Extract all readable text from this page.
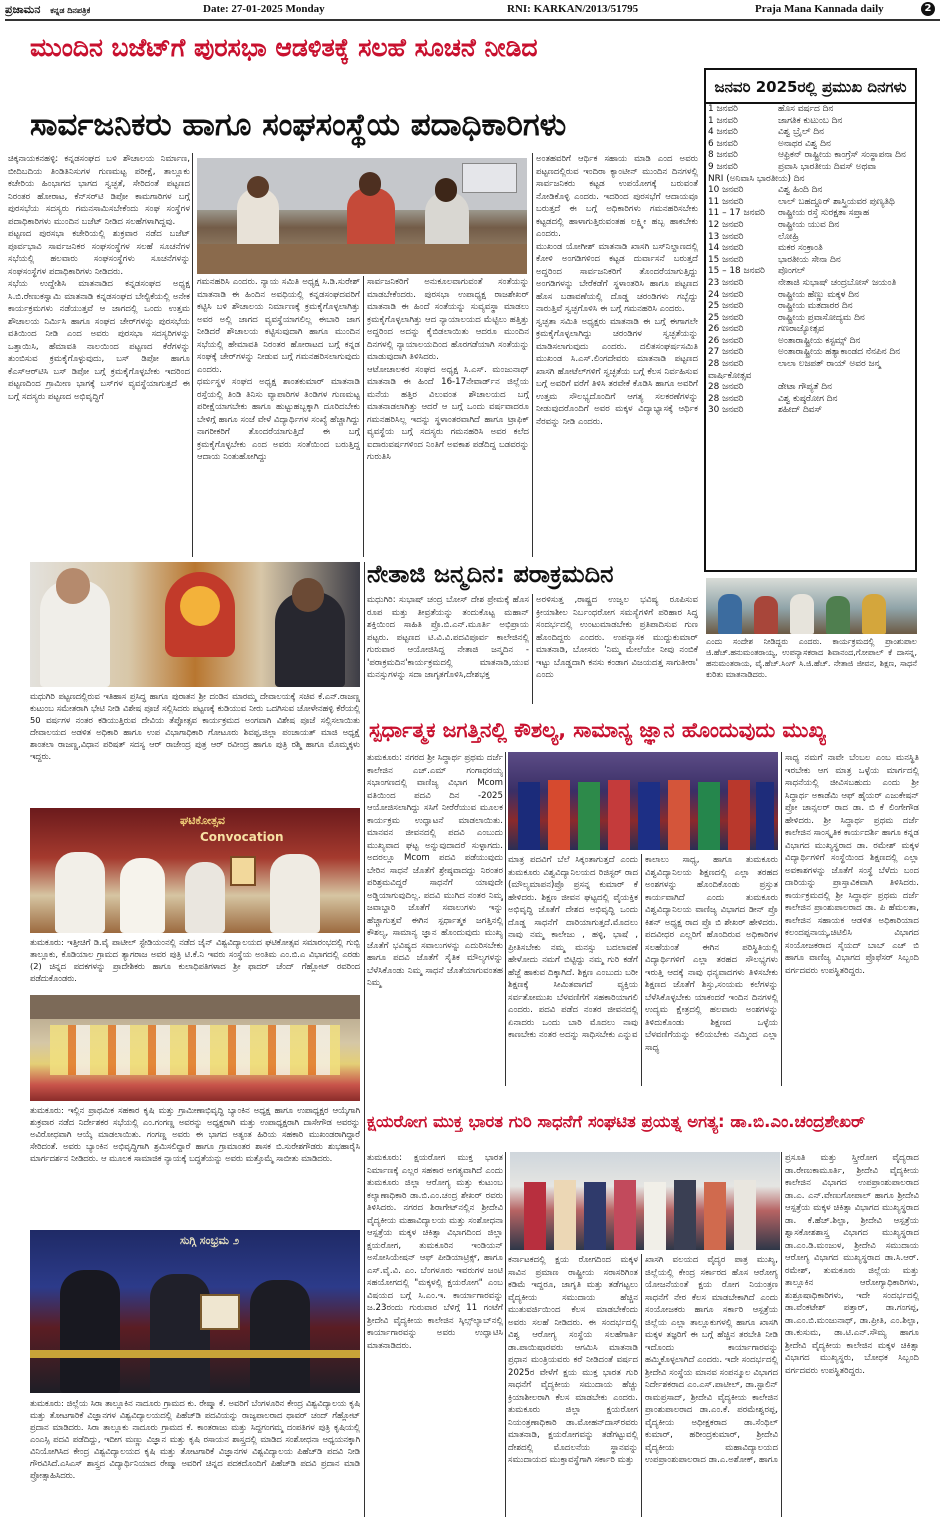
ಪ್ರಜಾಮನ ಕನ್ನಡ ದಿನಪತ್ರಿಕೆ	Date: 27-01-2025 Monday	RNI: KARKAN/2013/51795	Praja Mana Kannada daily	2
ಮುಂದಿನ ಬಜೆಟ್‌ಗೆ ಪುರಸಭಾ ಆಡಳಿತಕ್ಕೆ ಸಲಹೆ ಸೂಚನೆ ನೀಡಿದ
ಸಾರ್ವಜನಿಕರು ಹಾಗೂ ಸಂಘಸಂಸ್ಥೆಯ ಪದಾಧಿಕಾರಿಗಳು

ಚಿಕ್ಕನಾಯಕನಹಳ್ಳಿ: ಕನ್ನಡಸಂಘದ ಬಳಿ ಶೌಚಾಲಯ ನಿರ್ಮಾಣ, ಬೀದಿಬದಿಯ ತಿಂಡಿತಿನಿಸುಗಳ ಗುಣಮಟ್ಟ ಪರೀಕ್ಷೆ, ತಾಲ್ಲೂಕು ಕಚೇರಿಯ ಹಿಂಭಾಗದ ಭಾಗದ ಸ್ವಚ್ಛತೆ, ಸೇರಿದಂತೆ ಪಟ್ಟಣದ ನಿರಂತರ ಹೋರಾಟ, ಕೆನ್‌ಸರ್‌ಟಿ ಡಿಪೋ ಕಾಮಗಾರಿಗಳ ಬಗ್ಗೆ ಪುರಸಭೆಯ ಸದಸ್ಯರು ಗಮನಸಾಮಿಸಬೇಕೆಂದು ಸಂಘ ಸಂಸ್ಥೆಗಳ ಪದಾಧಿಕಾರಿಗಳು ಮುಂದಿನ ಬಜೆಟ್ ನೀಡಿದ ಸಲಹೆಗಳಾಗಿದ್ದವು.

ಪಟ್ಟಣದ ಪುರಸಭಾ ಕಚೇರಿಯಲ್ಲಿ ಶುಕ್ರವಾರ ನಡೆದ ಬಜೆಟ್ ಪೂರ್ವಭಾವಿ ಸಾರ್ವಜನಿಕರ ಸಂಘಸಂಸ್ಥೆಗಳ ಸಲಹೆ ಸೂಚನೆಗಳ ಸಭೆಯಲ್ಲಿ ಹಲವಾರು ಸಂಘಸಂಸ್ಥೆಗಳು ಸೂಚನೆಗಳನ್ನು ಸಂಘಸಂಸ್ಥೆಗಳ ಪದಾಧಿಕಾರಿಗಳು ನೀಡಿದರು.

ಸಭೆಯ ಉದ್ದೇಶಿಸಿ ಮಾತನಾಡಿದ ಕನ್ನಡಸಂಘದ ಅಧ್ಯಕ್ಷ ಸಿ.ಬಿ.ರೇಣುಕಸ್ವಾಮಿ ಮಾತನಾಡಿ ಕನ್ನಡಸಂಘದ ಬೇಲ್ಟಿಕೆಯಲ್ಲಿ ಅನೇಕ ಕಾರ್ಯಕ್ರಮಗಳು ನಡೆಯುತ್ತವೆ ಆ ಜಾಗದಲ್ಲಿ ಒಂದು ಉತ್ತಮ ಶೌಚಾಲಯ ನಿರ್ಮಿಸಿ ಹಾಗೂ ಸಂಘದ ಚೇರ್‌ಗಳನ್ನು ಪುರಸಭೆಯ ವತಿಯಿಂದ ನೀಡಿ ಎಂದ ಅವರು ಪುರಸಭಾ ಸದಸ್ಯರಿಗಳನ್ನು ಒತ್ತಾಯಿಸಿ, ಹೆಮಾವತಿ ನಾಲಯಿಂದ ಪಟ್ಟಣದ ಕೆರೆಗಳನ್ನು ತುಂಬಿಸುವ ಕ್ರಮಕೈಗೊಳ್ಳುವುದು, ಬಸ್ ಡಿಪೋ ಹಾಗೂ ಕೆಎಸ್‌ಆರ್‌ಟಿಸಿ ಬಸ್ ಡಿಪೋ ಬಗ್ಗೆ ಕ್ರಮಕೈಗೊಳ್ಳಬೇಕು ಇದರಿಂದ ಪಟ್ಟಣದಿಂದ ಗ್ರಾಮೀಣ ಭಾಗಕ್ಕೆ ಬಸ್‌ಗಳ ವ್ಯವಸ್ಥೆಯಾಗುತ್ತದೆ ಈ ಬಗ್ಗೆ ಸದಸ್ಯರು ಪಟ್ಟಣದ ಅಭಿವೃದ್ಧಿಗೆ

ಗಮನಹರಿಸಿ ಎಂದರು. ನ್ಯಾಯ ಸಮಿತಿ ಅಧ್ಯಕ್ಷ ಸಿ.ಡಿ.ಸುರೇಶ್ ಮಾತನಾಡಿ ಈ ಹಿಂದಿನ ಅವಧಿಯಲ್ಲಿ ಕನ್ನಡಸಂಘದವರಿಗೆ ಕಟ್ಟಿಸಿ ಬಳಿ ಶೌಚಾಲಯ ನಿರ್ಮಾಣಕ್ಕೆ ಕ್ರಮಕೈಗೊಳ್ಳಲಾಗಿತ್ತು ಅವರ ಅಲ್ಲಿ ಜಾಗದ ವ್ಯವಸ್ಥೆಯಾಗಲಿಲ್ಲ ಈಬಾರಿ ಜಾಗ ನೀಡಿದರೆ ಶೌಚಾಲಯ ಕಟ್ಟಿಸುವುದಾಗಿ ಹಾಗೂ ಮುಂದಿನ ಸಭೆಯಲ್ಲಿ ಹೇಮಾವತಿ ನಿರಂತರ ಹೋರಾಟದ ಬಗ್ಗೆ ಕನ್ನಡ ಸಂಘಕ್ಕೆ ಚೇರ್‌ಗಳನ್ನು ನೀಡುವ ಬಗ್ಗೆ ಗಮನಹರಿಸಲಾಗುವುದು ಎಂದರು.

ಧರ್ಮಸ್ಥಳ ಸಂಘದ ಅಧ್ಯಕ್ಷ ಶಾಂತಕುಮಾರ್ ಮಾತನಾಡಿ ರಸ್ತೆಯಲ್ಲಿ ತಿಂಡಿ ತಿನಿಸು ವ್ಯಾಪಾರಿಗಳ ತಿಂಡಿಗಳ ಗುಣಮಟ್ಟ ಪರೀಕ್ಷೆಯಾಗಬೇಕು ಹಾಗೂ ಹುಟ್ಟುಹಬ್ಬಕ್ಕಾಗಿ ದೂರಿದಬೇಕು ಬೇಳಿಗ್ಗೆ ಹಾಗೂ ಸಂಜೆ ವೇಳೆ ವಿದ್ಯಾರ್ಥಿಗಳ ಸಂಖ್ಯೆ ಹೆಚ್ಚಾಗಿದ್ದು ನಾಗರೀಕರಿಗೆ ತೊಂದರೆಯಾಗುತ್ತಿದೆ ಈ ಬಗ್ಗೆ ಕ್ರಮಕೈಗೊಳ್ಳಬೇಕು ಎಂದ ಅವರು ಸಂತೆಯಿಂದ ಬರುತ್ತಿದ್ದ ಆದಾಯ ನಿಂತುಹೋಗಿದ್ದು

ಸಾರ್ವಜನಿಕರಿಗೆ ಅನುಕೂಲವಾಗುವಂತೆ ಸಂತೆಯನ್ನು ಮಾಡಬೇಕೆಂದರು. ಪುರಸಭಾ ಉಪಾಧ್ಯಕ್ಷ ರಾಜಶೇಖರ್ ಮಾತನಾಡಿ ಈ ಹಿಂದೆ ಸಂತೆಯನ್ನು ಸುವ್ಯವಸ್ಥಾ ಮಾಡಲು ಕ್ರಮಕೈಗೊಳ್ಳಲಾಗಿತ್ತು ಆದ ನ್ಯಾಯಾಲಯದ ಮೆಟ್ಟಿಲು ಹತ್ತಿತ್ತು ಅದ್ದರಿಂದ ಅದನ್ನು ಕೈಬಿಡಲಾಯಿತು ಆದರೂ ಮುಂದಿನ ದಿನಗಳಲ್ಲಿ ನ್ಯಾಯಾಲಯದಿಂದ ಹೊರಗಡೆಯಾಗಿ ಸಂತೆಯನ್ನು ಮಾಡುವುದಾಗಿ ತಿಳಿಸಿದರು.

ಆಟೋಚಾಲಕರ ಸಂಘದ ಅಧ್ಯಕ್ಷ ಸಿ.ಎಸ್. ಮಂಜುನಾಥ್ ಮಾತನಾಡಿ ಈ ಹಿಂದೆ 16-17ನೇವಾರ್ಡ್‌ನ ಜಿಲ್ಲೆಯ ಮನೆಯ ಹತ್ತಿರ ವಿಲುವಂತ ಶೌಚಾಲಯದ ಬಗ್ಗೆ ಮಾತನಾಡಲಾಗಿತ್ತು ಆದರೆ ಆ ಬಗ್ಗೆ ಒಂದು ವರ್ಷವಾದರೂ ಗಮನಹರಿಸಿಲ್ಲ ಇದನ್ನು ಸ್ಥಳಾಂತರವಾಗಿದೆ ಹಾಗೂ ಟ್ರಾಫಿಕ್ ವ್ಯವಸ್ಥೆಯ ಬಗ್ಗೆ ಸದಸ್ಯರು ಗಮನಹರಿಸಿ ಅವರ ಕಲೆದ ಐದಾರುವರ್ಷಗಳಿಂದ ನಿಂತಿಗೆ ಅವಕಾಶ ಪಡೆದಿದ್ದ ಬಡವರನ್ನು ಗುರುತಿಸಿ

ಅಂತಹವರಿಗೆ ಆರ್ಥಿಕ ಸಹಾಯ ಮಾಡಿ ಎಂದ ಅವರು ಪಟ್ಟಣದಲ್ಲಿರುವ ಇಂದಿರಾ ಕ್ಯಾಂಟೀನ್ ಮುಂದಿನ ದಿನಗಳಲ್ಲಿ ಸಾರ್ವಜನಿಕರು ಕಟ್ಟಡ ಉಪಯೋಗಕ್ಕೆ ಬರುವಂತೆ ನೋಡಿಕೊಳ್ಳಿ ಎಂದರು. ಇದರಿಂದ ಪುರಸಭೆಗೆ ಆದಾಯವೂ ಬರುತ್ತದೆ ಈ ಬಗ್ಗೆ ಅಧಿಕಾರಿಗಳು ಗಮನಹರಿಸಬೇಕು ಕಟ್ಟಡದಲ್ಲಿ ಹಾಳಾಗುತ್ತಿರುವಂತಹ ಲಕ್ಷ್ಮೀ ಹಬ್ಬ ಹಾಕಬೇಕು ಎಂದರು.

ಮುಖಂಡ ಯೋಗೀಶ್ ಮಾತನಾಡಿ ಖಾಸಗಿ ಬಸ್‌ನಿಲ್ದಾಣದಲ್ಲಿ ಕೋಳಿ ಅಂಗಡಿಗಳಿಂದ ಕಟ್ಟಡ ದುರ್ವಾಸನೆ ಬರುತ್ತದೆ ಅದ್ದರಿಂದ ಸಾರ್ವಜನಿಕರಿಗೆ ತೊಂದರೆಯಾಗುತ್ತಿದ್ದು ಅಂಗಡಿಗಳನ್ನು ಬೇರೆಕಡೆಗೆ ಸ್ಥಳಾಂತರಿಸಿ ಹಾಗೂ ಪಟ್ಟಣದ ಹೊಸ ಬಡಾವಣೆಯಲ್ಲಿ ದೊಡ್ಡ ಚರಂಡಿಗಳು ಗಬ್ಬೆದ್ದು ನಾರುತ್ತಿವೆ ಸ್ವಚ್ಛಗೊಳಿಸಿ ಈ ಬಗ್ಗೆ ಗಮನಹರಿಸಿ ಎಂದರು.

ಸ್ವಚ್ಛತಾ ಸಮಿತಿ ಅಧ್ಯಕ್ಷರು ಮಾತನಾಡಿ ಈ ಬಗ್ಗೆ ಈಗಾಗಲೇ ಕ್ರಮಕೈಗೊಳ್ಳಲಾಗಿದ್ದು ಚರಂಡಿಗಳ ಸ್ವಚ್ಛತೆಯನ್ನು ಮಾಡಿಸಲಾಗುವುದು ಎಂದರು. ದಲಿತಸಂಘರ್ಷಸಮಿತಿ ಮುಖಂಡ ಸಿ.ಎಸ್.ಲಿಂಗದೇವರು ಮಾತನಾಡಿ ಪಟ್ಟಣದ ಖಾಸಗಿ ಹೋಟೆಲ್‌ಗಳಿಗೆ ಸ್ವಚ್ಛತೆಯ ಬಗ್ಗೆ ಕೆಲಸ ನಿರ್ವಹಿಸುವ ಬಗ್ಗೆ ಅವರಿಗೆ ವರೆಗೆ ತಿಳಿಸಿ ತರವೇಕೆ ಕೊಡಿಸಿ ಹಾಗೂ ಅವರಿಗೆ ಉತ್ತಮ ಸೌಲಭ್ಯದೊಂದಿಗೆ ಆಗತ್ಯ ಸಲಕರಣೆಗಳನ್ನು ನೀಡುವುದರೊಂದಿಗೆ ಅವರ ಮಕ್ಕಳ ವಿದ್ಯಾಭ್ಯಾಸಕ್ಕೆ ಆರ್ಥಿಕ ನೆರವನ್ನು ನೀಡಿ ಎಂದರು.

ಜನವರಿ 2025ರಲ್ಲಿ ಪ್ರಮುಖ ದಿನಗಳು
1 ಜನವರಿ	ಹೊಸ ವರ್ಷದ ದಿನ
1 ಜನವರಿ	ಜಾಗತಿಕ ಕುಟುಂಬ ದಿನ
4 ಜನವರಿ	ವಿಶ್ವ ಬ್ರೈಲ್ ದಿನ
6 ಜನವರಿ	ಅನಾಥರ ವಿಶ್ವ ದಿನ
8 ಜನವರಿ	ಆಫ್ರಿಕನ್ ರಾಷ್ಟ್ರೀಯ ಕಾಂಗ್ರೆಸ್ ಸಂಸ್ಥಾಪನಾ ದಿನ
9 ಜನವರಿ	ಪ್ರವಾಸಿ ಭಾರತೀಯ ದಿವಸ್ ಅಥವಾ
NRI (ಅನಿವಾಸಿ ಭಾರತೀಯ) ದಿನ	
10 ಜನವರಿ	ವಿಶ್ವ ಹಿಂದಿ ದಿನ
11 ಜನವರಿ	ಲಾಲ್ ಬಹದ್ದೂರ್ ಶಾಸ್ತ್ರಿಯವರ ಪುಣ್ಯತಿಥಿ
11 – 17 ಜನವರಿ	ರಾಷ್ಟ್ರೀಯ ರಸ್ತೆ ಸುರಕ್ಷತಾ ಸಪ್ತಾಹ
12 ಜನವರಿ	ರಾಷ್ಟ್ರೀಯ ಯುವ ದಿನ
13 ಜನವರಿ	ಲೋಹ್ರಿ
14 ಜನವರಿ	ಮಕರ ಸಂಕ್ರಾಂತಿ
15 ಜನವರಿ	ಭಾರತೀಯ ಸೇನಾ ದಿನ
15 – 18 ಜನವರಿ	ಪೊಂಗಲ್
23 ಜನವರಿ	ನೇತಾಜಿ ಸುಭಾಷ್ ಚಂದ್ರಬೋಸ್ ಜಯಂತಿ
24 ಜನವರಿ	ರಾಷ್ಟ್ರೀಯ ಹೆಣ್ಣು ಮಕ್ಕಳ ದಿನ
25 ಜನವರಿ	ರಾಷ್ಟ್ರೀಯ ಮತದಾರರ ದಿನ
25 ಜನವರಿ	ರಾಷ್ಟ್ರೀಯ ಪ್ರವಾಸೋದ್ಯಮ ದಿನ
26 ಜನವರಿ	ಗಣರಾಜ್ಯೋತ್ಸವ
26 ಜನವರಿ	ಅಂತಾರಾಷ್ಟ್ರೀಯ ಕಸ್ಟಮ್ಸ್ ದಿನ
27 ಜನವರಿ	ಅಂತಾರಾಷ್ಟ್ರೀಯ ಹತ್ಯಾಕಾಂಡದ ನೆನಪಿನ ದಿನ
28 ಜನವರಿ	ಲಾಲಾ ಲಜಪತ್ ರಾಯ್ ಅವರ ಜನ್ಮ
ವಾರ್ಷಿಕೋತ್ಸವ	
28 ಜನವರಿ	ಡೇಟಾ ಗೌಪ್ಯತೆ ದಿನ
28 ಜನವರಿ	ವಿಶ್ವ ಕುಷ್ಠರೋಗ ದಿನ
30 ಜನವರಿ	ಶಹೀದ್ ದಿವಸ್
ಮಧುಗಿರಿ ಪಟ್ಟಣದಲ್ಲಿರುವ ಇತಿಹಾಸ ಪ್ರಸಿದ್ಧ ಹಾಗೂ ಪುರಾತನ ಶ್ರೀ ದಂಡಿನ ಮಾರಮ್ಮ ದೇವಾಲಯಕ್ಕೆ ಸಚಿವ ಕೆ.ಎನ್.ರಾಜಣ್ಣ ಕುಟುಂಬ ಸಮೇತರಾಗಿ ಭೇಟಿ ನೀಡಿ ವಿಶೇಷ ಪೂಜೆ ಸಲ್ಲಿಸಿದರು ಪಟ್ಟಣಕ್ಕೆ ಕುಡಿಯುವ ನೀರು ಒದಗಿಸುವ ಚೋಳೇನಹಳ್ಳಿ ಕೆರೆಯಲ್ಲಿ 50 ವರ್ಷಗಳ ನಂತರ ಕಡಿಯುತ್ತಿರುವ ದೇವಿಯ ತೆಪ್ಪೋತ್ಸವ ಕಾರ್ಯಕ್ರಮದ ಅಂಗವಾಗಿ ವಿಶೇಷ ಪೂಜೆ ಸಲ್ಲಿಸಲಾಯಿತು ದೇವಾಲಯದ ಅಡಳಿತ ಅಧಿಕಾರಿ ಹಾಗೂ ಉಪ ವಿಭಾಗಾಧಿಕಾರಿ ಗೋಟೂರು ಶಿವಪ್ಪ,ಜಿಲ್ಲಾ ಪಂಚಾಯತ್ ಮಾಜಿ ಅಧ್ಯಕ್ಷೆ ಶಾಂತಲಾ ರಾಜಣ್ಣ,ವಿಧಾನ ಪರಿಷತ್ ಸದಸ್ಯ ಆರ್ ರಾಜೇಂದ್ರ ಪುತ್ರ ಆರ್ ರವೀಂದ್ರ ಹಾಗೂ ಪುತ್ರಿ ರಶ್ಮಿ ಹಾಗೂ ಮೊಮ್ಮಕ್ಕಳು ಇದ್ದರು.
ಘಟಿಕೋತ್ಸವ
Convocation
ತುಮಕೂರು: ಇತ್ತೀಚಿಗೆ ಡಿ.ವೈ ಪಾಟೀಲ್ ಸ್ಟೇಡಿಯಂನಲ್ಲಿ ನಡೆದ ಜೈನ್ ವಿಶ್ವವಿದ್ಯಾಲಯದ ಘಟಿಕೋತ್ಸವ ಸಮಾರಂಭದಲ್ಲಿ ಗುಬ್ಬಿ ತಾಲ್ಲೂಕು, ಕೊಡಿಯಾಲ ಗ್ರಾಮದ ತ್ಯಾಗರಾಜ ಅವರ ಪುತ್ರಿ ಟಿ.ಕೆ.ನಿ ಇವರು ಸಂಸ್ಥೆಯ ಅಂತಿಮ ಎಂ.ಬಿ.ಎ ವಿಭಾಗದಲ್ಲಿ ಎರಡು (2) ಚಿನ್ನದ ಪದಕಗಳನ್ನು ಪ್ರಾದೇಶಿಕರು ಹಾಗೂ ಕುಲಾಧಿಪತಿಗಳಾದ ಶ್ರೀ ಫಾದರ್ ಚೆಂದ್ ಗೆಹ್ಲೋಟ್ ರವರಿಂದ ಪಡೆದುಕೊಂಡರು.
ತುಮಕೂರು: ಇಲ್ಲಿನ ಪ್ರಾಥಮಿಕ ಸಹಕಾರ ಕೃಷಿ ಮತ್ತು ಗ್ರಾಮೀಣಾಭಿವೃದ್ಧಿ ಬ್ಯಾಂಕಿನ ಅಧ್ಯಕ್ಷ ಹಾಗೂ ಉಪಾಧ್ಯಕ್ಷರ ಆಯ್ಕೆಗಾಗಿ ಶುಕ್ರವಾರ ನಡೆದ ನಿರ್ದೇಶಕರ ಸಭೆಯಲ್ಲಿ ಎಂ.ಗಂಗಣ್ಣ ಅವರನ್ನು ಅಧ್ಯಕ್ಷರಾಗಿ ಮತ್ತು ಉಪಾಧ್ಯಕ್ಷರಾಗಿ ದಾಸೇಗೌಡ ಅವರನ್ನು ಅವಿರೋಧವಾಗಿ ಆಯ್ಕೆ ಮಾಡಲಾಯಿತು. ಗಂಗಣ್ಣ ಅವರು ಈ ಭಾಗದ ಅತ್ಯಂತ ಹಿರಿಯ ಸಹಕಾರಿ ಮುಖಂಡರಾಗಿದ್ದಾರೆ ಸೇರಿದಂತೆ. ಅವರು ಬ್ಯಾಂಕಿನ ಅಭಿವೃದ್ಧಿಗಾಗಿ ಶ್ರಮಿಸಲಿದ್ದಾರೆ ಹಾಗೂ ಗ್ರಾಮಾಂತರ ಶಾಸಕ ಬಿ.ಸುರೇಶಗೌಡರು ಶುಭಹಾರೈಸಿ ಮಾರ್ಗದರ್ಶನ ನೀಡಿದರು. ಆ ಮೂಲಕ ಸಾಮಾಜಿಕ ನ್ಯಾಯಕ್ಕೆ ಬದ್ಧತೆಯನ್ನು ಅವರು ಮತ್ತೊಮ್ಮೆ ಸಾಬೀತು ಮಾಡಿದರು.
ಸುಗ್ಗಿ ಸಂಭ್ರಮ ೨
ತುಮಕೂರು: ಜಿಲ್ಲೆಯ ಸಿರಾ ತಾಲ್ಲೂಕಿನ ನಾದೂರು ಗ್ರಾಮದ ಕು. ರೇಷ್ಮಾ ಕೆ. ಅವರಿಗೆ ಬೆಂಗಳೂರಿನ ಕೇಂದ್ರ ವಿಶ್ವವಿದ್ಯಾಲಯ ಕೃಷಿ ಮತ್ತು ತೋಟಗಾರಿಕೆ ವಿಜ್ಞಾನಗಳ ವಿಶ್ವವಿದ್ಯಾಲಯದಲ್ಲಿ ಪಿಹೆಚ್‌ಡಿ ಪದವಿಯನ್ನು ರಾಜ್ಯಪಾಲರಾದ ಥಾವರ್ ಚಂದ್ ಗೆಹ್ಲೋಟ್ ಪ್ರದಾನ ಮಾಡಿದರು. ಸಿರಾ ತಾಲ್ಲೂಕು ನಾದೂರು ಗ್ರಾಮದ ಕೆ. ಕಾಂತರಾಜು ಮತ್ತು ಸಿದ್ದಗಂಗಮ್ಮ ದಂಪತಿಗಳ ಪುತ್ರಿ ಕೃಷಿಯಲ್ಲಿ ಎಂಎಸ್ಸಿ ಪದವಿ ಪಡೆದಿದ್ದು, ಇದೀಗ ಮಣ್ಣು ವಿಜ್ಞಾನ ಮತ್ತು ಕೃಷಿ ರಸಾಯನ ಶಾಸ್ತ್ರದಲ್ಲಿ ಮಾಡಿದ ಸಂಶೋಧನಾ ಅಧ್ಯಯನಕ್ಕಾಗಿ ವಿನಿಯೋಗಿಸಿದ ಕೇಂದ್ರ ವಿಶ್ವವಿದ್ಯಾಲಯದ ಕೃಷಿ ಮತ್ತು ತೋಟಗಾರಿಕೆ ವಿಜ್ಞಾನಗಳ ವಿಶ್ವವಿದ್ಯಾಲಯ ಪಿಹೆಚ್‌ಡಿ ಪದವಿ ನೀಡಿ ಗೌರವಿಸಿದೆ.ಎಸಿಎಸ್ ಶಾಸ್ತ್ರದ ವಿದ್ಯಾರ್ಥಿನಿಯಾದ ರೇಷ್ಮಾ ಅವರಿಗೆ ಚಿನ್ನದ ಪದಕದೊಂದಿಗೆ ಪಿಹೆಚ್‌ಡಿ ಪದವಿ ಪ್ರದಾನ ಮಾಡಿ ಪ್ರೋತ್ಸಾಹಿಸಿದರು.
ನೇತಾಜಿ ಜನ್ಮದಿನ: ಪರಾಕ್ರಮದಿನ
ಮಧುಗಿರಿ: ಸುಭಾಷ್ ಚಂದ್ರ ಬೋಸ್ ದೇಶ ಪ್ರೇಮಕ್ಕೆ ಹೊಸ ರೂಪ ಮತ್ತು ತೀವ್ರತೆಯನ್ನು ತಂದುಕೊಟ್ಟ ಮಹಾನ್ ಶಕ್ತಿಯಿಂದ ಸಾಹಿತಿ ಪ್ರೊ.ಬಿ.ಎನ್.ಮೂರ್ತಿ ಅಭಿಪ್ರಾಯ ಪಟ್ಟರು. ಪಟ್ಟಣದ ಟಿ.ವಿ.ವಿ.ಪದವಿಪೂರ್ವ ಕಾಲೇಜಿನಲ್ಲಿ ಗುರುವಾರ ಆಯೋಜಿಸಿದ್ದ ನೇತಾಜಿ ಜನ್ಮದಿನ - 'ಪರಾಕ್ರಮದಿನ'ಕಾರ್ಯಕ್ರಮದಲ್ಲಿ ಮಾತನಾಡಿ,ಯುವ ಮನಸ್ಸುಗಳನ್ನು ಸದಾ ಜಾಗೃತಗೊಳಿಸಿ,ದೇಶಭಕ್ತ
ಅರಳಿಸುತ್ತ ,ರಾಷ್ಟ್ರದ ಉಜ್ವಲ ಭವಿಷ್ಯ ರೂಪಿಸುವ ಕ್ರೀಯಾಶೀಲ ನಿರ್ಬಂಧರೋಗ ಸಮಸ್ಯೆಗಳಿಗೆ ಪರಿಹಾರ ಸಿದ್ಧ ಸಂದರ್ಭದಲ್ಲಿ ಉಂಟುಮಾಡಬೇಕು ಪ್ರತಿಪಾದಿಸುವ ಗುಣ ಹೊಂದಿದ್ದರು ಎಂದರು. ಉಪನ್ಯಾಸಕ ಮುದ್ದುಕುಮಾರ್ ಮಾತನಾಡಿ, ಬೋಸರು 'ನಿಮ್ಮ ಮೇಲೆಯೇ ನೀವು ನಂಬಿಕೆ ಇಟ್ಟು ಬೊಡ್ಡದಾಗಿ ಕನಸು ಕಂಡಾಗ ವಿಜಯದತ್ತ ಸಾಗುತೀರಾ' ಎಂದು
ಎಂದು ಸಂದೇಶ ನೀಡಿದ್ದರು ಎಂದರು. ಕಾರ್ಯಕ್ರಮದಲ್ಲಿ ಪ್ರಾಂಶುಪಾಲ ಜಿ.ಹೆಚ್.ಹನುಮಂತರಾಯ್ಯ, ಉಪನ್ಯಾಸಕರಾದ ಶಿವಾನಂದ,ಗೋಪಾಲ್ ಕೆ ದಾಸನ್ನ, ಹನುಮಂತರಾಯ, ವೈ.ಹೆಚ್.ಸಿಂಗ್ ಸಿ.ಜಿ.ಹೆಚ್. ನೇತಾಜಿ ಜೀವನ, ಶಿಕ್ಷಣ, ಸಾಧನೆ ಕುರಿತು ಮಾತನಾಡಿದರು.
ಸ್ಪರ್ಧಾತ್ಮಕ ಜಗತ್ತಿನಲ್ಲಿ ಕೌಶಲ್ಯ, ಸಾಮಾನ್ಯ ಜ್ಞಾನ ಹೊಂದುವುದು ಮುಖ್ಯ
ತುಮಕೂರು: ನಗರದ ಶ್ರೀ ಸಿದ್ಧಾರ್ಥ ಪ್ರಥಮ ದರ್ಜೆ ಕಾಲೇಜಿನ ಎಚ್.ಎಮ್ ಗಂಗಾಧರಯ್ಯ ಸಭಾಂಗಣದಲ್ಲಿ ವಾಣಿಜ್ಯ ವಿಭಾಗ Mcom ವತಿಯಿಂದ ಪದವಿ ದಿನ -2025 ಆಯೋಜಿಸಲಾಗಿದ್ದು ಸಸಿಗೆ ನೀರೆರೆಯುವ ಮೂಲಕ ಕಾರ್ಯಕ್ರಮ ಉದ್ಘಾಟನೆ ಮಾಡಲಾಯಿತು. ಮಾನವನ ಜೀವನದಲ್ಲಿ ಪದವಿ ಎಂಬುದು ಮುಖ್ಯವಾದ ಘಟ್ಟ ಅನ್ನುವುದಾದರೆ ಸುಳ್ಳಾಗದು. ಅದರಲ್ಲೂ Mcom ಪದವಿ ಪಡೆಯುವುದು ಬೇರಿನ ಸಾಧನೆ ಜೊತೆಗೆ ಶ್ರೇಷ್ಠವಾದದ್ದು ನಿರಂತರ ಪರಿಶ್ರಮವಿದ್ದರೆ ಸಾಧನೆಗೆ ಯಾವುದೇ ಅಡ್ಡಿಯಾಗುವುದಿಲ್ಲ. ಪದವಿ ಮುಗಿದ ನಂತರ ನಿಮ್ಮ ಜವಾಬ್ದಾರಿ ಜೊತೆಗೆ ಸವಾಲುಗಳು ಇನ್ನು ಹೆಚ್ಚಾಗುತ್ತವೆ ಈಗಿನ ಸ್ಪರ್ಧಾತ್ಮಕ ಜಗತ್ತಿನಲ್ಲಿ ಕೌಶಲ್ಯ, ಸಾಮಾನ್ಯ ಜ್ಞಾನ ಹೊಂದುವುದು ಮುಖ್ಯ ಜೊತೆಗೆ ಭವಿಷ್ಯದ ಸವಾಲುಗಳನ್ನು ಎದುರಿಸಬೇಕು ಹಾಗೂ ಪದವಿ ಜೊತೆಗೆ ಸೈತಿಕ ಮೌಲ್ಯಗಳನ್ನು ಬೆಳೆಸಿಕೊಂಡು ನಿಮ್ಮ ಸಾಧನೆ ಜೊತೆಯಾಗುವಂತಹ ನಿಮ್ಮ
ಮಾತ್ರ ಪದವಿಗೆ ಬೆಲೆ ಸಿಕ್ಕಂತಾಗುತ್ತದೆ ಎಂದು ತುಮಕೂರು ವಿಶ್ವವಿದ್ಯಾನಿಲಯದ ರಿಜಿಸ್ಟರ್ ರಾದ (ಮೌಲ್ಯಮಾಪನ)ಪ್ರೊ ಪ್ರಸನ್ನ ಕುಮಾರ್ ಕೆ ಹೇಳಿದರು. ಶಿಕ್ಷಣ ಜೀವನ ಘಟ್ಟದಲ್ಲಿ ವೈಯಕ್ತಿಕ ಅಭಿವೃದ್ಧಿ ಜೊತೆಗೆ ದೇಶದ ಅಭಿವೃದ್ಧಿ ಒಂದು ದೊಡ್ಡ ಸಾಧನೆಗೆ ದಾರಿಯಾಗುತ್ತದೆ.ಮೊದಲು ನಾವು ನಮ್ಮ ಕಾಲೇಜು , ಹಳ್ಳಿ, ಭಾಷೆ , ಪ್ರೀತಿಸಬೇಕು ನಮ್ಮ ಮನಸ್ಸು ಬದಲಾವಣೆ ಹೇಳೋದು ನಮಗೆ ಬಿಟ್ಟಿದ್ದು ನಮ್ಮ ಗುರಿ ಕಡೆಗೆ ಹೆಜ್ಜೆ ಹಾಕುವ ದಿಕ್ಕಾಗಿದೆ. ಶಿಕ್ಷಣ ಎಂಬುದು ಬರೀ ಶಿಕ್ಷಣಕ್ಕೆ ಸೀಮಿತವಾಗದೆ ವ್ಯಕ್ತಿಯ ಸರ್ವತೋಮುಖ ಬೆಳವಣಿಗೆಗೆ ಸಹಕಾರಿಯಾಗಲಿ ಎಂದರು. ಪದವಿ ಪಡೆದ ನಂತರ ಜೀವನದಲ್ಲಿ ಏನಾದರು ಒಂದು ಬಾರಿ ಮೊದಲು ನಾವು ಕಾಣಬೇಕು ನಂತರ ಅದನ್ನು ಸಾಧಿಸಬೇಕು ಎನ್ನುವ
ಕಾಲಾಲು ಸಾಧ್ಯ, ಹಾಗೂ ತುಮಕೂರು ವಿಶ್ವವಿದ್ಯಾನಿಲಯ ಶಿಕ್ಷಣದಲ್ಲಿ ಎಲ್ಲಾ ತರಹದ ಅಂಶಗಳನ್ನು ಹೊಂದಿಕೊಂಡು ಪ್ರಸ್ತುತ ಕಾರ್ಯವಾಗಿದೆ ಎಂದು ತುಮಕೂರು ವಿಶ್ವವಿದ್ಯಾನಿಲಯ ವಾಣಿಜ್ಯ ವಿಭಾಗದ ಡೀನ್ ಪ್ರೊ ಕಿಶನ್ ಅಧ್ಯಕ್ಷ ರಾದ ಪ್ರೊ ಬಿ ಶೇಖರ್ ಹೇಳಿದರು. ಪದವೀಧರ ಎಲ್ಲರಿಗೆ ಹೊಂದಿರುವ ಅಧಿಕಾರಿಗಳ ಸಲಹೆಯಂತೆ ಈಗಿನ ಪರಿಸ್ಥಿತಿಯಲ್ಲಿ ವಿದ್ಯಾರ್ಥಿಗಳಿಗೆ ಎಲ್ಲಾ ತರಹದ ಸೌಲಭ್ಯಗಳು ಇರುತ್ತಿ ಆದಕ್ಕೆ ನಾವು ಧನ್ಯವಾದಗಳು ತಿಳಿಸಬೇಕು ಶಿಕ್ಷಣದ ಜೊತೆಗೆ ಶಿಸ್ತು,ಸಂಯಮ ಕಲೆಗಳನ್ನು ಬೆಳೆಸಿಕೊಳ್ಳಬೇಕು ಯಾಕಂದರೆ ಇಂದಿನ ದಿನಗಳಲ್ಲಿ ಉದ್ಯಮ ಕ್ಷೇತ್ರದಲ್ಲಿ ಹಲವಾರು ಅಂಶಗಳನ್ನು ತಿಳಿದುಕೊಂಡು ಶಿಕ್ಷಣದ ಒಳ್ಳೆಯ ಬೆಳವಣಿಗೆಯನ್ನು ಕಲಿಯಬೇಕು ನಮ್ಮಿಂದ ಎಲ್ಲಾ ಸಾಧ್ಯ
ಸಾಧ್ಯ ನಮಗೆ ನಾವೇ ಬೆಂಬಲ ಎಂಬ ಮನಸ್ಥಿತಿ ಇರಬೇಕು ಆಗ ಮಾತ್ರ ಒಳ್ಳೆಯ ಮಾರ್ಗದಲ್ಲಿ ಸಾಧನೆಯಲ್ಲಿ ಜೀವಿಸಬಹುದು ಎಂದು ಶ್ರೀ ಸಿದ್ಧಾರ್ಥ ಅಕಾಡೆಮಿ ಆಫ್ ಹೈಯರ್ ಎಜುಕೇಷನ್ ಪ್ರೋ ಚಾನ್ಸಲರ್ ರಾದ ಡಾ. ಬಿ ಕೆ ಲಿಂಗೇಗೌಡ ಹೇಳಿದರು. ಶ್ರೀ ಸಿದ್ಧಾರ್ಥ ಪ್ರಥಮ ದರ್ಜೆ ಕಾಲೇಜಿನ ಸಾಂಸ್ಕೃತಿಕ ಕಾರ್ಯದರ್ಶಿ ಹಾಗೂ ಕನ್ನಡ ವಿಭಾಗದ ಮುಖ್ಯಸ್ಥರಾದ ಡಾ. ರಮೇಶ್ ಮಕ್ಕಳ ವಿದ್ಯಾರ್ಥಿಗಳಿಗೆ ಸಂಸ್ಥೆಯಿಂದ ಶಿಕ್ಷಣದಲ್ಲಿ ಎಲ್ಲಾ ಅವಕಾಶಗಳನ್ನು ಜೊತೆಗೆ ಸಂಸ್ಥೆ ಬೆಳೆದು ಬಂದ ದಾರಿಯನ್ನು ಪ್ರಾಸ್ತಾವಿಕವಾಗಿ ತಿಳಿಸಿದರು. ಕಾರ್ಯಕ್ರಮದಲ್ಲಿ ಶ್ರೀ ಸಿದ್ಧಾರ್ಥ ಪ್ರಥಮ ದರ್ಜೆ ಕಾಲೇಜಿನ ಪ್ರಾಂಶುಪಾಲರಾದ ಡಾ. ಪಿ ಹೆಮಲತಾ, ಕಾಲೇಜಿನ ಸಹಾಯಕ ಆಡಳಿತ ಅಧಿಕಾರಿಯಾದ ಕಲಂದಪ್ಪನಾಯ್ಕ,ಚಿಟಿಲಿಸಿ ವಿಭಾಗದ ಸಂಯೋಜಕರಾದ ಸೈಯದ್ ಬಾಬ್ ಎಚ್ ಬಿ ಹಾಗೂ ವಾಣಿಜ್ಯ ವಿಭಾಗದ ಪ್ರೊಫೆಸರ್ ಸಿಬ್ಬಂದಿ ವರ್ಗದವರು ಉಪಸ್ಥಿತರಿದ್ದರು.
ಕ್ಷಯರೋಗ ಮುಕ್ತ ಭಾರತ ಗುರಿ ಸಾಧನೆಗೆ ಸಂಘಟಿತ ಪ್ರಯತ್ನ ಅಗತ್ಯ: ಡಾ.ಬಿ.ಎಂ.ಚಂದ್ರಶೇಖರ್
ತುಮಕೂರು: ಕ್ಷಯರೋಗ ಮುಕ್ತ ಭಾರತ ನಿರ್ಮಾಣಕ್ಕೆ ಎಲ್ಲರ ಸಹಕಾರ ಅಗತ್ಯವಾಗಿದೆ ಎಂದು ತುಮಕೂರು ಜಿಲ್ಲಾ ಆರೋಗ್ಯ ಮತ್ತು ಕುಟುಂಬ ಕಲ್ಯಾಣಾಧಿಕಾರಿ ಡಾ.ಬಿ.ಎಂ.ಚಂದ್ರ ಶೇಖರ್ ರವರು ತಿಳಿಸಿದರು. ನಗರದ ಶಿರಾಗೇಟ್‌ನಲ್ಲಿನ ಶ್ರೀದೇವಿ ವೈದ್ಯಕೀಯ ಮಹಾವಿದ್ಯಾಲಯ ಮತ್ತು ಸಂಶೋಧನಾ ಆಸ್ಪತ್ರೆಯ ಮಕ್ಕಳ ಚಿಕಿತ್ಸಾ ವಿಭಾಗದಿಂದ ಜಿಲ್ಲಾ ಕ್ಷಯರೋಗ, ತುಮಕೂರಿನ ಇಂಡಿಯನ್ ಅಸೋಸಿಯೇಷನ್ ಆಫ್ ಪೀಡಿಯಾಟ್ರಿಕ್ಸ್, ಹಾಗೂ ಎಸ್.ವೈ.ವಿ. ಎಂ. ಬೆಂಗಳೂರು ಇವರುಗಳ ಜಂಟಿ ಸಹಯೋಗದಲ್ಲಿ "ಮಕ್ಕಳಲ್ಲಿ ಕ್ಷಯರೋಗ" ಎಂಬ ವಿಷಯದ ಬಗ್ಗೆ ಸಿ.ಎಂ.ಇ. ಕಾರ್ಯಾಗಾರವನ್ನು ಜ.23ರಂದು ಗುರುವಾರ ಬೆಳಿಗ್ಗೆ 11 ಗಂಟೆಗೆ ಶ್ರೀದೇವಿ ವೈದ್ಯಕೀಯ ಕಾಲೇಜಿನ ಸ್ಕಿಲ್ಸ್‌ಲ್ಯಾಬ್‌ನಲ್ಲಿ ಕಾರ್ಯಾಗಾರವನ್ನು ಅವರು ಉದ್ಘಾಟಿಸಿ ಮಾತನಾಡಿದರು.
ಕರ್ನಾಟಕದಲ್ಲಿ ಕ್ಷಯ ರೋಗದಿಂದ ಮಕ್ಕಳ ಸಾವಿನ ಪ್ರಮಾಣ ರಾಷ್ಟ್ರೀಯ ಸರಾಸರಿಗಿಂತ ಕಡಿಮೆ ಇದ್ದರೂ, ಜಾಗೃತಿ ಮತ್ತು ತಡೆಗಟ್ಟಲು ವೈದ್ಯಕೀಯ ಸಮುದಾಯ ಹೆಚ್ಚಿನ ಮುತುವರ್ಜಿಯಿಂದ ಕೆಲಸ ಮಾಡಬೇಕೆಂದು ಅವರು ಸಲಹೆ ನೀಡಿದರು. ಈ ಸಂದರ್ಭದಲ್ಲಿ ವಿಶ್ವ ಆರೋಗ್ಯ ಸಂಸ್ಥೆಯ ಸಲಹೆಗಾರ್ತಿ ಡಾ.ಪಾಯಿಷಾರವರು ಆಗಮಿಸಿ ಮಾತನಾಡಿ ಪ್ರಧಾನ ಮಂತ್ರಿಯವರು ಕರೆ ನೀಡಿದಂತೆ ವರ್ಷದ 2025ರ ವೇಳೆಗೆ ಕ್ಷಯ ಮುಕ್ತ ಭಾರತ ಗುರಿ ಸಾಧನೆಗೆ ವೈದ್ಯಕೀಯ ಸಮುದಾಯ ಹೆಚ್ಚು ಕ್ರಿಯಾಶೀಲರಾಗಿ ಕೆಲಸ ಮಾಡಬೇಕು ಎಂದರು. ತುಮಕೂರು ಜಿಲ್ಲಾ ಕ್ಷಯರೋಗ ನಿಯಂತ್ರಣಾಧಿಕಾರಿ ಡಾ.ಮೋಹನ್‌ದಾಸ್‌ರವರು ಮಾತನಾಡಿ, ಕ್ಷಯರೋಗವನ್ನು ತಡೆಗಟ್ಟುವಲ್ಲಿ ದೇಶದಲ್ಲಿ ಮೊದಲನೆಯ ಸ್ಥಾನವನ್ನು ಸಮುದಾಯದ ಮುಕ್ತಾವಸ್ಥೆಗಾಗಿ ಸರ್ಕಾರಿ ಮತ್ತು
ಖಾಸಗಿ ವಲಯದ ವೈದ್ಯರ ಪಾತ್ರ ಮುಖ್ಯ, ಜಿಲ್ಲೆಯಲ್ಲಿ ಕೇಂದ್ರ ಸರ್ಕಾರದ ಹೊಸ ಆರೋಗ್ಯ ಯೋಜನೆಯಂತೆ ಕ್ಷಯ ರೋಗ ನಿಯಂತ್ರಣ ಸಾಧನೆಗೆ ನೇರ ಕೆಲಸ ಮಾಡಬೇಕಾಗಿದೆ ಎಂದು ಸಂಯೋಜಕರು ಹಾಗೂ ಸರ್ಕಾರಿ ಆಸ್ಪತ್ರೆಯ ಜಿಲ್ಲೆಯ ಎಲ್ಲಾ ತಾಲ್ಲೂಕುಗಳಲ್ಲಿ ಹಾಗೂ ಖಾಸಗಿ ಮಕ್ಕಳ ತಜ್ಞರಿಗೆ ಈ ಬಗ್ಗೆ ಹೆಚ್ಚಿನ ತರಬೇತಿ ನೀಡಿ ಇದೊಂದು ಕಾರ್ಯಾಗಾರವನ್ನು ಹಮ್ಮಿಕೊಳ್ಳಲಾಗಿದೆ ಎಂದರು. ಇದೇ ಸಂದರ್ಭದಲ್ಲಿ ಶ್ರೀದೇವಿ ಸಂಸ್ಥೆಯ ಮಾನವ ಸಂಪನ್ಮೂಲ ವಿಭಾಗದ ನಿರ್ದೇಶಕರಾದ ಎಂ.ಎಸ್.ಪಾಟೀಲ್, ಡಾ.ಸ್ಟಾಲಿನ್ ರಾಮಪ್ರಸಾದ್, ಶ್ರೀದೇವಿ ವೈದ್ಯಕೀಯ ಕಾಲೇಜಿನ ಪ್ರಾಂಶುಪಾಲರಾದ ಡಾ.ಎಂ.ಕೆ. ಪರಮೇಶ್ವರಪ್ಪ, ವೈದ್ಯಕೀಯ ಅಧೀಕ್ಷಕರಾದ ಡಾ.ಸೆಂಥಿಲ್ ಕುಮಾರ್, ಹರೀಂದ್ರಕುಮಾರ್, ಶ್ರೀದೇವಿ ವೈದ್ಯಕೀಯ ಮಹಾವಿದ್ಯಾಲಯದ ಉಪಪ್ರಾಂಶುಪಾಲರಾದ ಡಾ.ಎ.ಅಶೋಕ್, ಹಾಗೂ
ಪ್ರಸೂತಿ ಮತ್ತು ಸ್ತ್ರೀರೋಗ ವೈದ್ಯರಾದ ಡಾ.ರೇಣುಕಾಮೂರ್ತಿ, ಶ್ರೀದೇವಿ ವೈದ್ಯಕೀಯ ಕಾಲೇಜಿನ ವಿಭಾಗದ ಉಪಪ್ರಾಂಶುಪಾಲರಾದ ಡಾ.ಎ. ಎನ್.ವೇಣುಗೋಪಾಲ್ ಹಾಗೂ ಶ್ರೀದೇವಿ ಆಸ್ಪತ್ರೆಯ ಮಕ್ಕಳ ಚಿಕಿತ್ಸಾ ವಿಭಾಗದ ಮುಖ್ಯಸ್ಥರಾದ ಡಾ. ಕೆ.ಹೆಚ್.ಶಿಲ್ಪಾ, ಶ್ರೀದೇವಿ ಆಸ್ಪತ್ರೆಯ ಶ್ವಾಸಕೋಶಶಾಸ್ತ್ರ ವಿಭಾಗದ ಮುಖ್ಯಸ್ಥರಾದ ಡಾ.ಎಂ.ಡಿ.ಮಂಜುಳ, ಶ್ರೀದೇವಿ ಸಮುದಾಯ ಆರೋಗ್ಯ ವಿಭಾಗದ ಮುಖ್ಯಸ್ಥರಾದ ಡಾ.ಸಿ.ಆರ್. ರಮೇಶ್, ತುಮಕೂರು ಜಿಲ್ಲೆಯ ಮತ್ತು ತಾಲ್ಲೂಕಿನ ಆರೋಗ್ಯಾಧಿಕಾರಿಗಳು, ಶುಶ್ರೂಷಾಧಿಕಾರಿಗಳು, ಇದೇ ಸಂದರ್ಭದಲ್ಲಿ ಡಾ.ವೆಂಕಟೇಶ್ ಪತ್ತಾರ್, ಡಾ.ಗಂಗಪ್ಪ, ಡಾ.ಎಂ.ಬಿ.ಮಂಜುನಾಥ್, ಡಾ.ಪ್ರೀತಿ, ಎಂ.ಶಿಲ್ಪಾ, ಡಾ.ಕುಸುಮ, ಡಾ.ಟಿ.ಎನ್.ಸೌಮ್ಯ ಹಾಗೂ ಶ್ರೀದೇವಿ ವೈದ್ಯಕೀಯ ಕಾಲೇಜಿನ ಮಕ್ಕಳ ಚಿಕಿತ್ಸಾ ವಿಭಾಗದ ಮುಖ್ಯಸ್ಥರು, ಬೋಧಕ ಸಿಬ್ಬಂದಿ ವರ್ಗದವರು ಉಪಸ್ಥಿತರಿದ್ದರು.
